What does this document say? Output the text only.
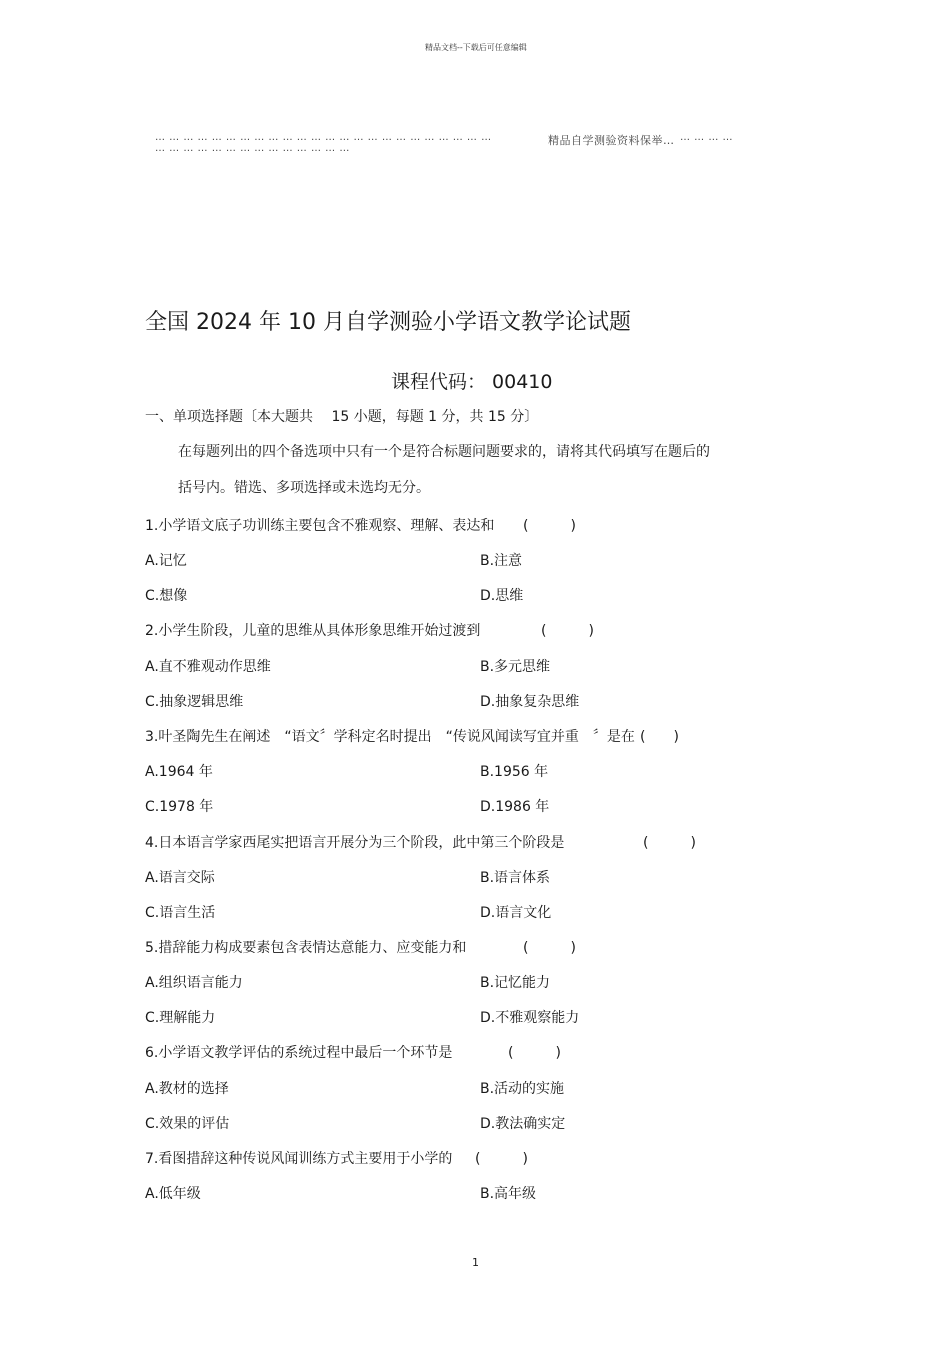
精品文档--下载后可任意编辑
… … … … … … … … … … … … … … … … … … … … … … … …	精品自学测验资料保举… … … … …
… … … … … … … … … … … … … …
全国 2024 年 10 月自学测验小学语文教学论试题
课程代码： 00410
一、单项选择题〔本大题共　 15 小题，每题 1 分，共 15 分〕
在每题列出的四个备选项中只有一个是符合标题问题要求的，请将其代码填写在题后的
括号内。错选、多项选择或未选均无分。
1.小学语文底子功训练主要包含不雅观察、理解、表达和 (　　　)
A.记忆	B.注意
C.想像	D.思维
2.小学生阶段，儿童的思维从具体形象思维开始过渡到	(　　　)
A.直不雅观动作思维	B.多元思维
C.抽象逻辑思维	D.抽象复杂思维
3.叶圣陶先生在阐述　“语文〞学科定名时提出　“传说风闻读写宜并重　〞是在 (　　)
A.1964 年	B.1956 年
C.1978 年	D.1986 年
4.日本语言学家西尾实把语言开展分为三个阶段，此中第三个阶段是	(　　　)
A.语言交际	B.语言体系
C.语言生活	D.语言文化
5.措辞能力构成要素包含表情达意能力、应变能力和	(　　　)
A.组织语言能力	B.记忆能力
C.理解能力	D.不雅观察能力
6.小学语文教学评估的系统过程中最后一个环节是	(　　　)
A.教材的选择	B.活动的实施
C.效果的评估	D.教法确实定
7.看图措辞这种传说风闻训练方式主要用于小学的 (　　　)
A.低年级	B.高年级
1
